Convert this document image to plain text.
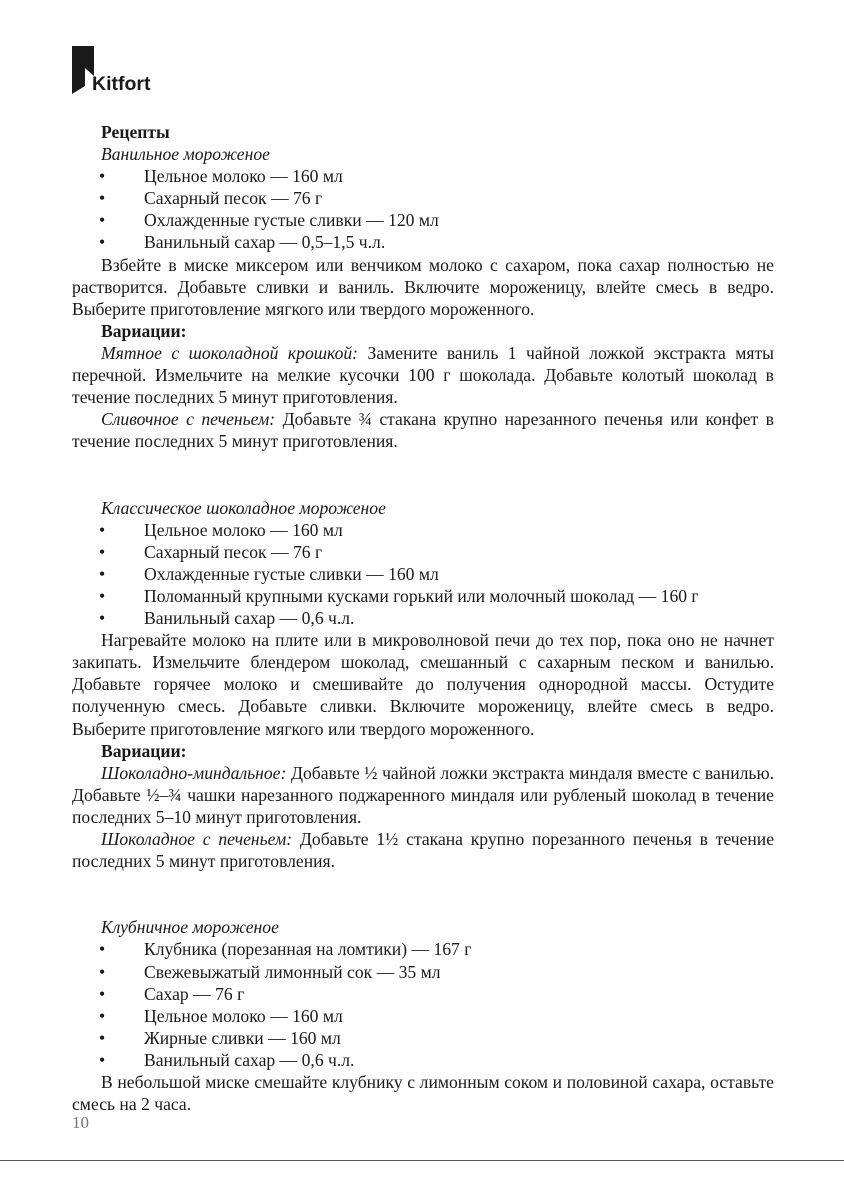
Kitfort

Рецепты

Ванильное мороженое

• Цельное молоко — 160 мл
• Сахарный песок — 76 г
• Охлажденные густые сливки — 120 мл
• Ванильный сахар — 0,5–1,5 ч.л.

Взбейте в миске миксером или венчиком молоко с сахаром, пока сахар полностью не растворится. Добавьте сливки и ваниль. Включите мороженицу, влейте смесь в ведро. Выберите приготовление мягкого или твердого мороженного.

Вариации:

Мятное с шоколадной крошкой: Замените ваниль 1 чайной ложкой экстракта мяты перечной. Измельчите на мелкие кусочки 100 г шоколада. Добавьте колотый шоколад в течение последних 5 минут приготовления.

Сливочное с печеньем: Добавьте ¾ стакана крупно нарезанного печенья или конфет в течение последних 5 минут приготовления.

Классическое шоколадное мороженое

• Цельное молоко — 160 мл
• Сахарный песок — 76 г
• Охлажденные густые сливки — 160 мл
• Поломанный крупными кусками горький или молочный шоколад — 160 г
• Ванильный сахар — 0,6 ч.л.

Нагревайте молоко на плите или в микроволновой печи до тех пор, пока оно не начнет закипать. Измельчите блендером шоколад, смешанный с сахарным песком и ванилью. Добавьте горячее молоко и смешивайте до получения однородной массы. Остудите полученную смесь. Добавьте сливки. Включите мороженицу, влейте смесь в ведро. Выберите приготовление мягкого или твердого мороженного.

Вариации:

Шоколадно-миндальное: Добавьте ½ чайной ложки экстракта миндаля вместе с ванилью. Добавьте ½–¾ чашки нарезанного поджаренного миндаля или рубленый шоколад в течение последних 5–10 минут приготовления.

Шоколадное с печеньем: Добавьте 1½ стакана крупно порезанного печенья в течение последних 5 минут приготовления.

Клубничное мороженое

• Клубника (порезанная на ломтики) — 167 г
• Свежевыжатый лимонный сок — 35 мл
• Сахар — 76 г
• Цельное молоко — 160 мл
• Жирные сливки — 160 мл
• Ванильный сахар — 0,6 ч.л.

В небольшой миске смешайте клубнику с лимонным соком и половиной сахара, оставьте смесь на 2 часа.

10
